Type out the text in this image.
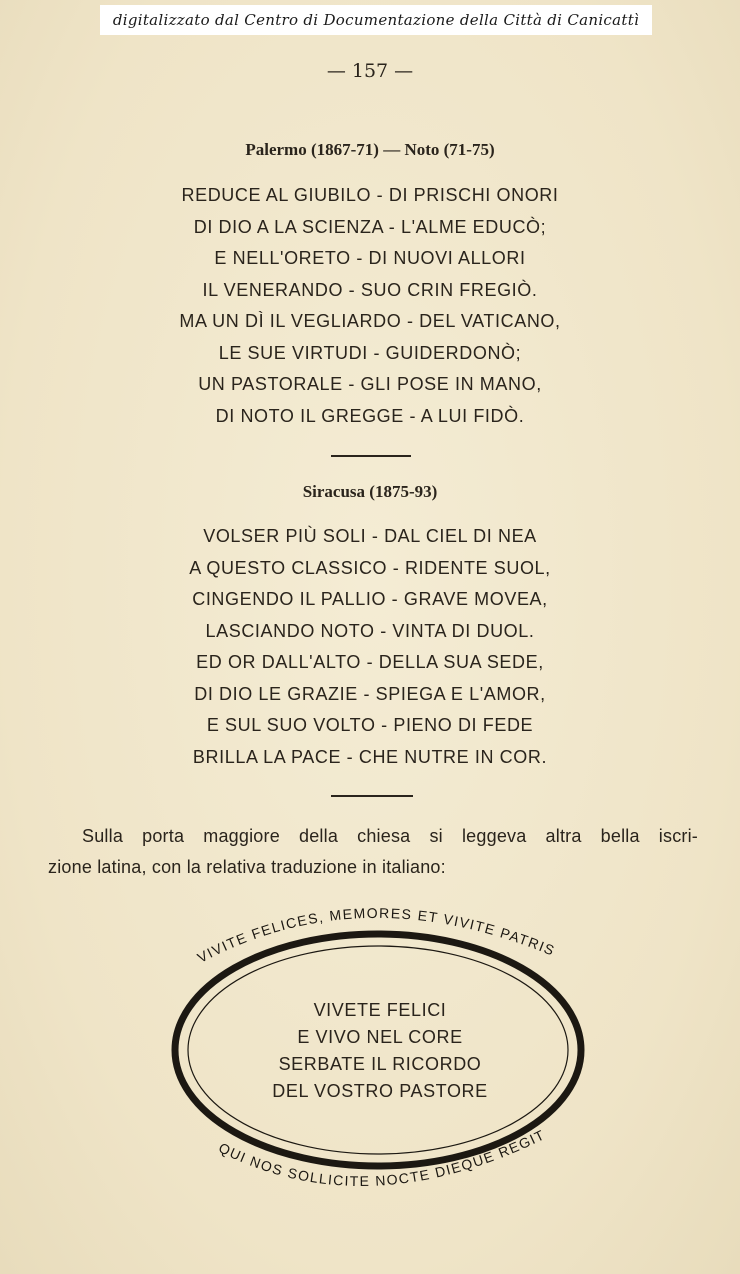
digitalizzato dal Centro di Documentazione della Città di Canicattì
— 157 —
Palermo (1867-71) — Noto (71-75)
REDUCE AL GIUBILO - DI PRISCHI ONORI
DI DIO A LA SCIENZA - L'ALME EDUCÒ;
E NELL'ORETO - DI NUOVI ALLORI
IL VENERANDO - SUO CRIN FREGIÒ.
MA UN DÌ IL VEGLIARDO - DEL VATICANO,
LE SUE VIRTUDI - GUIDERDONÒ;
UN PASTORALE - GLI POSE IN MANO,
DI NOTO IL GREGGE - A LUI FIDÒ.
Siracusa (1875-93)
VOLSER PIÙ SOLI - DAL CIEL DI NEA
A QUESTO CLASSICO - RIDENTE SUOL,
CINGENDO IL PALLIO - GRAVE MOVEA,
LASCIANDO NOTO - VINTA DI DUOL.
ED OR DALL'ALTO - DELLA SUA SEDE,
DI DIO LE GRAZIE - SPIEGA E L'AMOR,
E SUL SUO VOLTO - PIENO DI FEDE
BRILLA LA PACE - CHE NUTRE IN COR.
Sulla porta maggiore della chiesa si leggeva altra bella iscri-
zione latina, con la relativa traduzione in italiano:
VIVITE FELICES, MEMORES ET VIVITE PATRIS
QUI NOS SOLLICITE NOCTE DIEQUE REGIT
VIVETE FELICI
E VIVO NEL CORE
SERBATE IL RICORDO
DEL VOSTRO PASTORE
